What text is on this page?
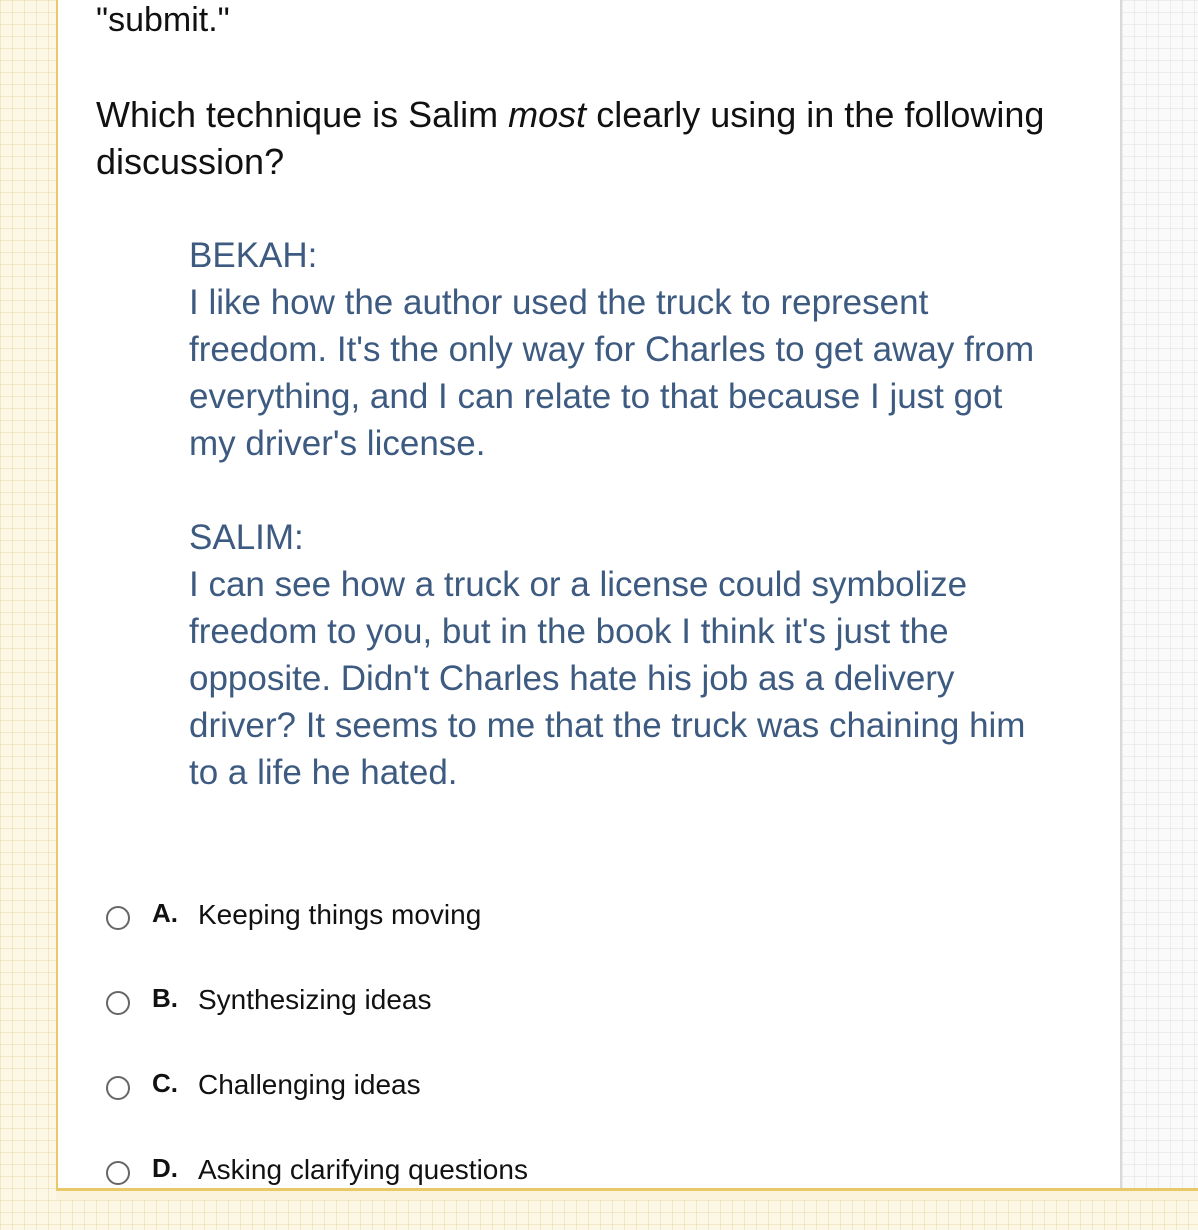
"submit."
Which technique is Salim most clearly using in the following discussion?
BEKAH:
I like how the author used the truck to represent freedom. It's the only way for Charles to get away from everything, and I can relate to that because I just got my driver's license.
SALIM:
I can see how a truck or a license could symbolize freedom to you, but in the book I think it's just the opposite. Didn't Charles hate his job as a delivery driver? It seems to me that the truck was chaining him to a life he hated.
A. Keeping things moving
B. Synthesizing ideas
C. Challenging ideas
D. Asking clarifying questions
